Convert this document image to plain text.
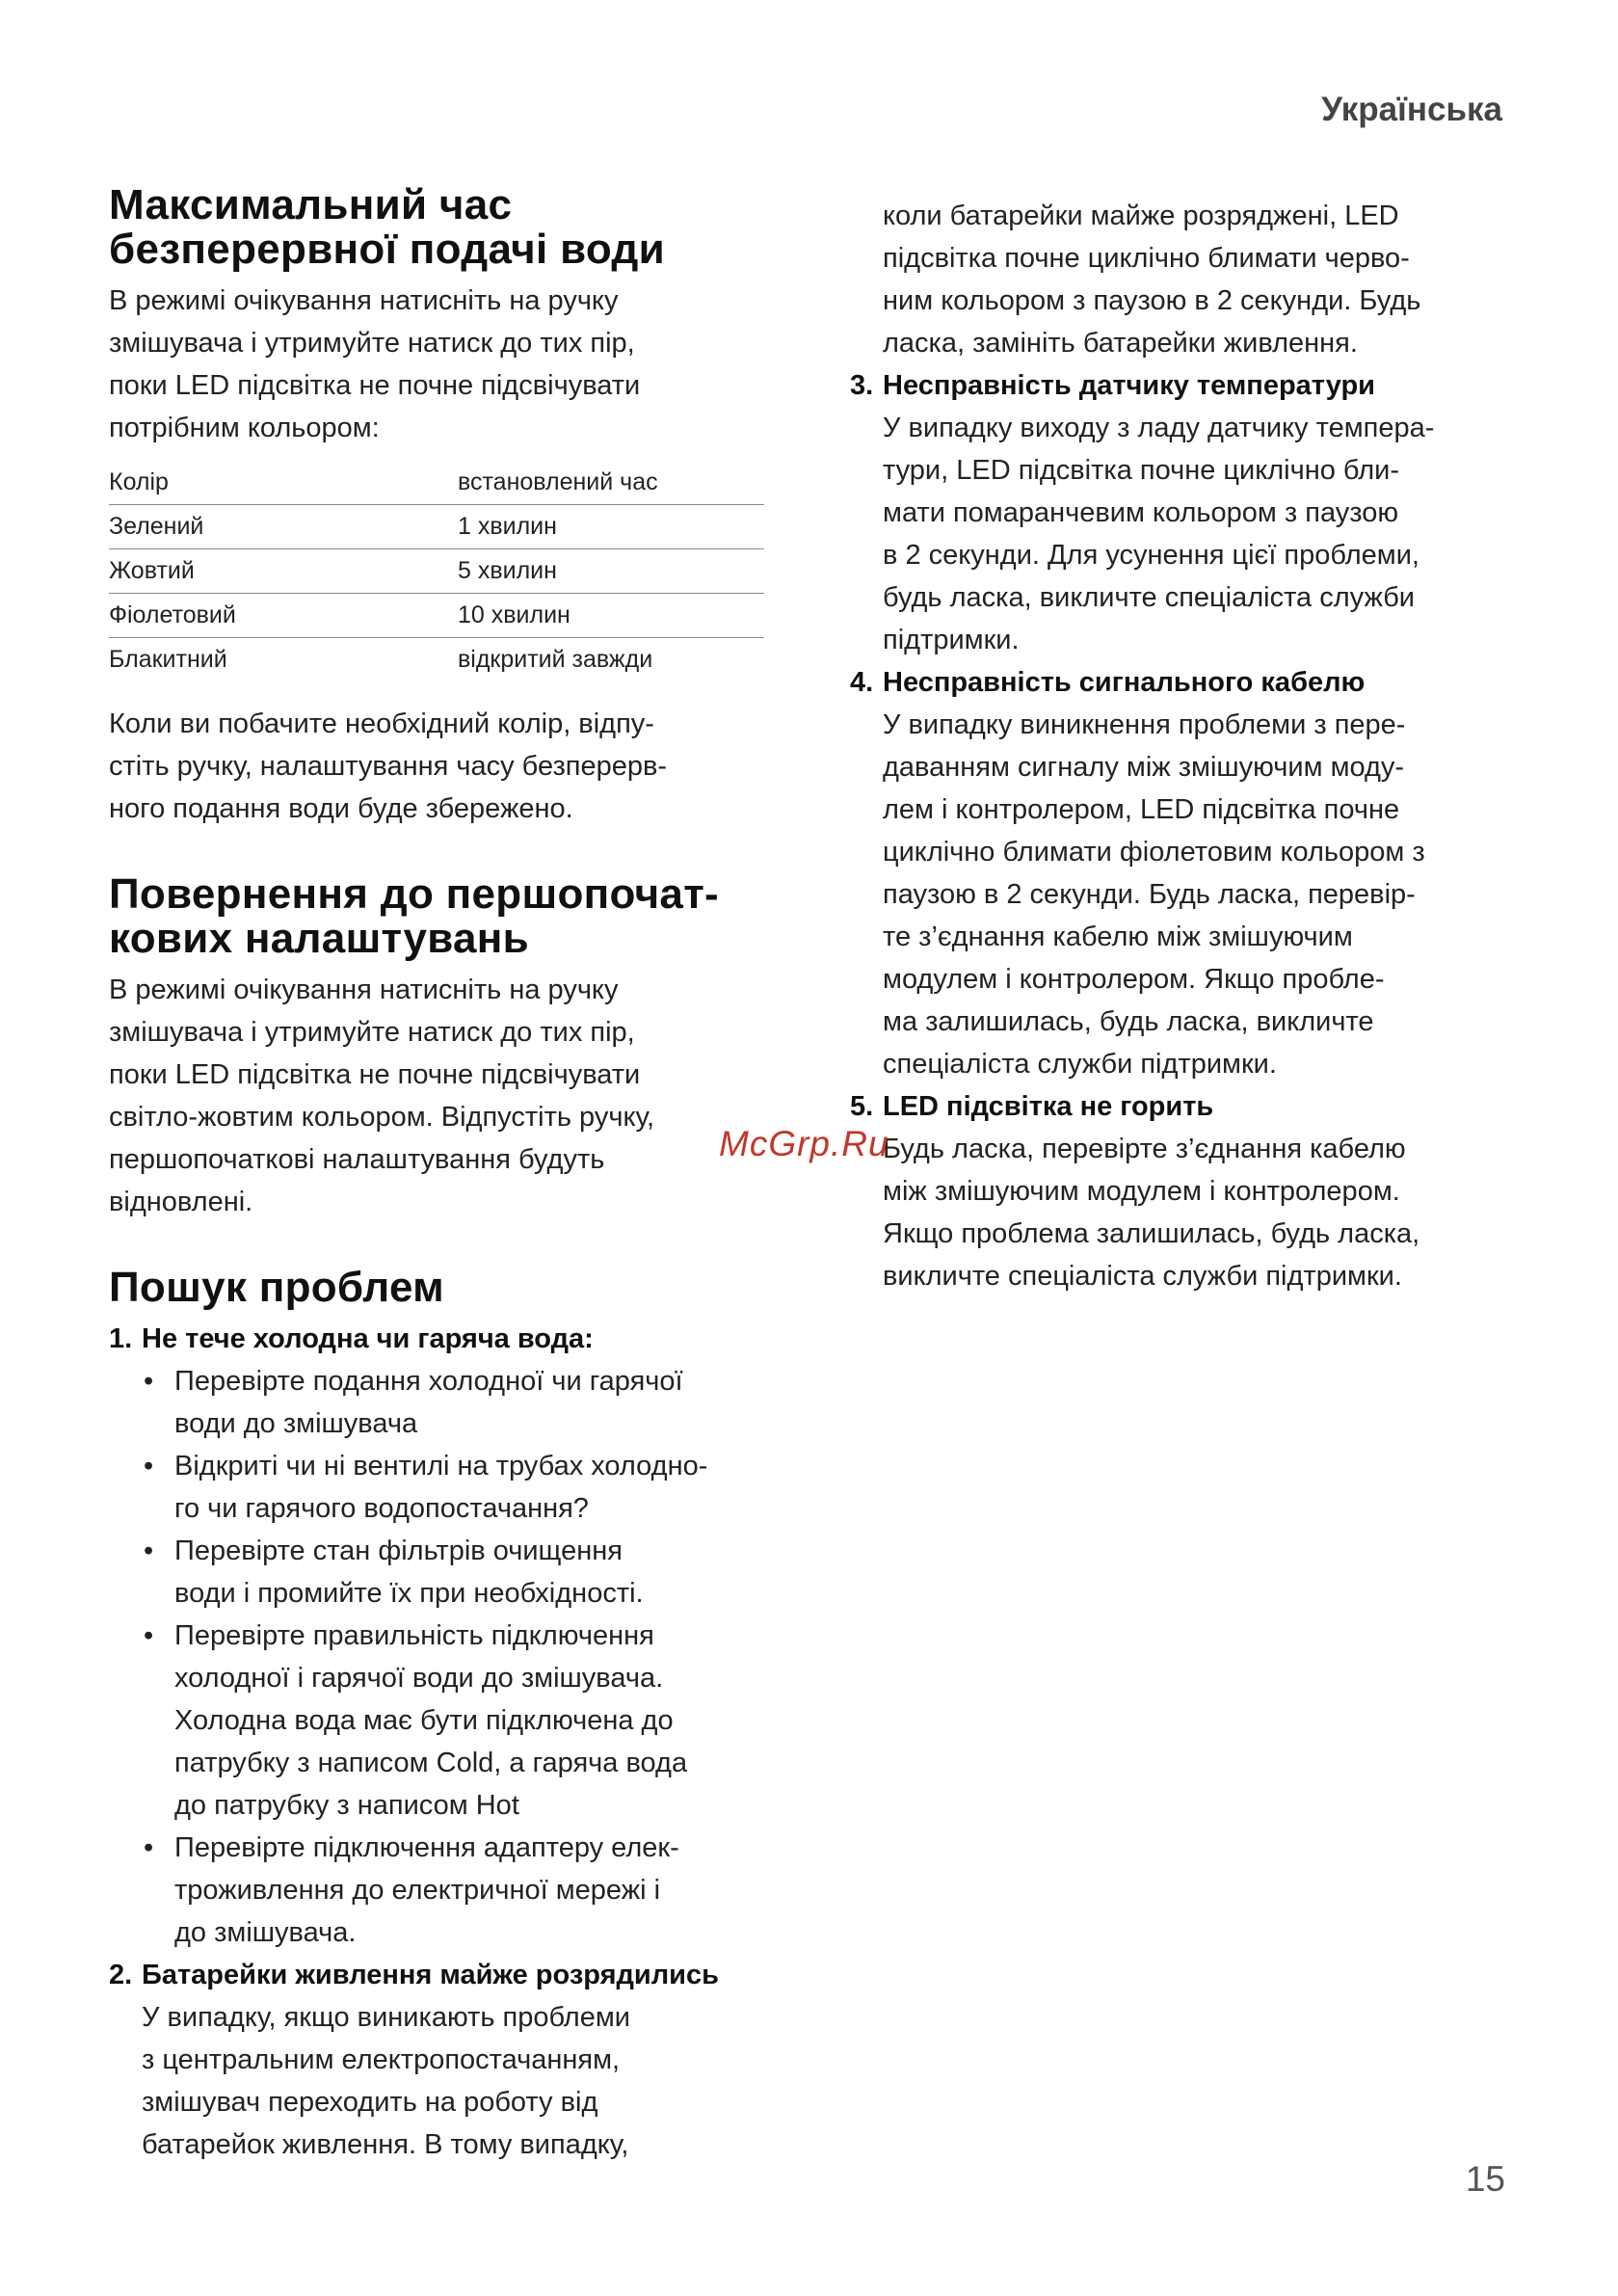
Українська
Максимальний час
безперервної подачі води

В режимі очікування натисніть на ручку
змішувача і утримуйте натиск до тих пір,
поки LED підсвітка не почне підсвічувати
потрібним кольором:

Колір	встановлений час
Зелений	1 хвилин
Жовтий	5 хвилин
Фіолетовий	10 хвилин
Блакитний	відкритий завжди

Коли ви побачите необхідний колір, відпу-
стіть ручку, налаштування часу безперерв-
ного подання води буде збережено.

Повернення до першопочат-
кових налаштувань

В режимі очікування натисніть на ручку
змішувача і утримуйте натиск до тих пір,
поки LED підсвітка не почне підсвічувати
світло-жовтим кольором. Відпустіть ручку,
першопочаткові налаштування будуть
відновлені.

Пошук проблем
1. Не тече холодна чи гаряча вода:
• Перевірте подання холодної чи гарячої
води до змішувача
• Відкриті чи ні вентилі на трубах холодно-
го чи гарячого водопостачання?
• Перевірте стан фільтрів очищення
води і промийте їх при необхідності.
• Перевірте правильність підключення
холодної і гарячої води до змішувача.
Холодна вода має бути підключена до
патрубку з написом Cold, а гаряча вода
до патрубку з написом Hot
• Перевірте підключення адаптеру елек-
троживлення до електричної мережі і
до змішувача.
2. Батарейки живлення майже розрядились

У випадку, якщо виникають проблеми
з центральним електропостачанням,
змішувач переходить на роботу від
батарейок живлення. В тому випадку,

коли батарейки майже розряджені, LED
підсвітка почне циклічно блимати черво-
ним кольором з паузою в 2 секунди. Будь
ласка, замініть батарейки живлення.

3. Несправність датчику температури

У випадку виходу з ладу датчику темпера-
тури, LED підсвітка почне циклічно бли-
мати помаранчевим кольором з паузою
в 2 секунди. Для усунення цієї проблеми,
будь ласка, викличте спеціаліста служби
підтримки.

4. Несправність сигнального кабелю

У випадку виникнення проблеми з пере-
даванням сигналу між змішуючим моду-
лем і контролером, LED підсвітка почне
циклічно блимати фіолетовим кольором з
паузою в 2 секунди. Будь ласка, перевір-
те з’єднання кабелю між змішуючим
модулем і контролером. Якщо пробле-
ма залишилась, будь ласка, викличте
спеціаліста служби підтримки.

5. LED підсвітка не горить

Будь ласка, перевірте з’єднання кабелю
між змішуючим модулем і контролером.
Якщо проблема залишилась, будь ласка,
викличте спеціаліста служби підтримки.

McGrp.Ru
15
